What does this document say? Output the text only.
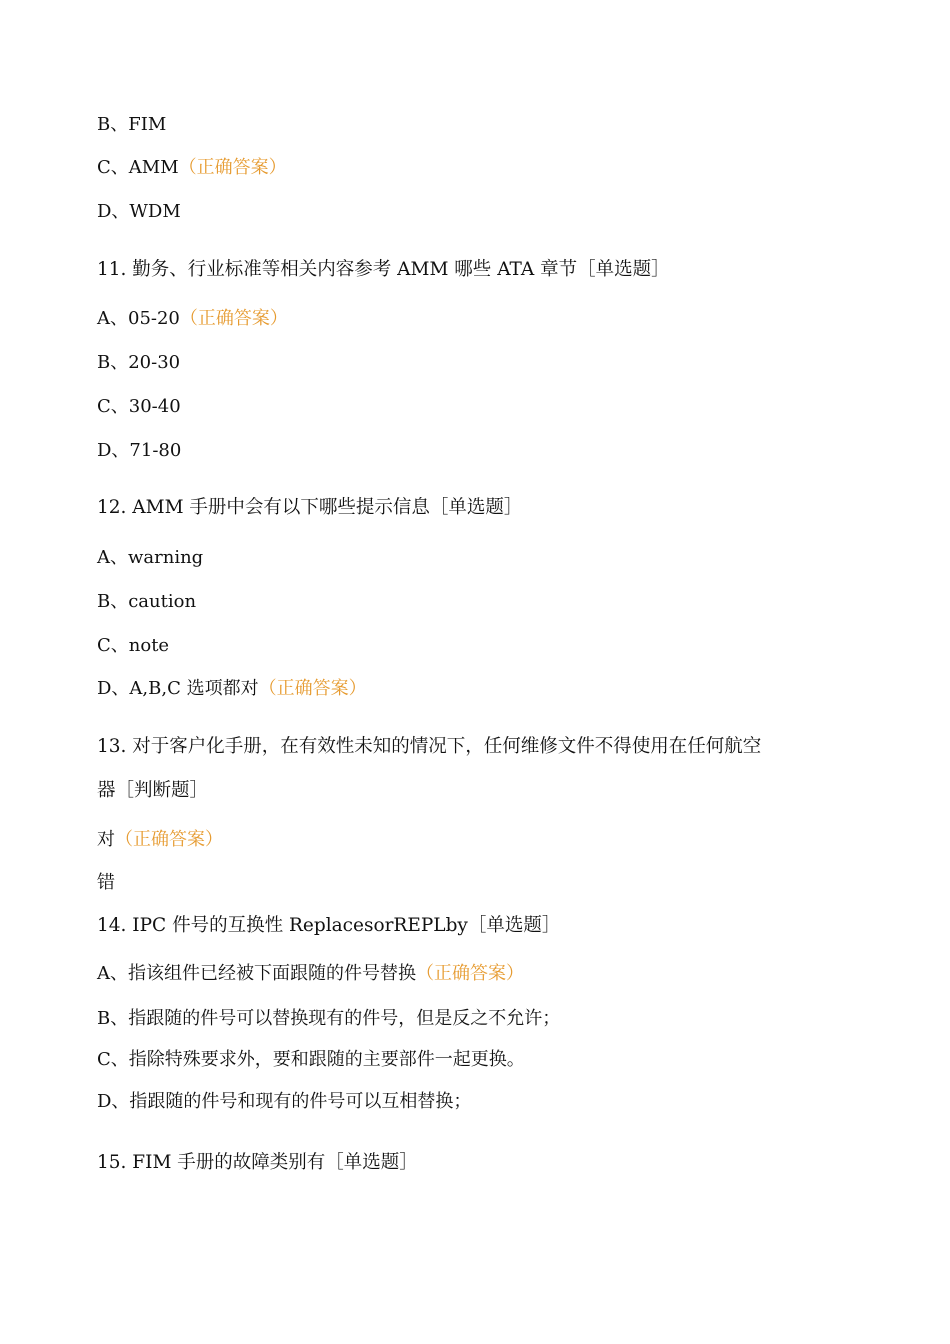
B、FIM
C、AMM（正确答案）
D、WDM
11. 勤务、行业标准等相关内容参考 AMM 哪些 ATA 章节［单选题］
A、05-20（正确答案）
B、20-30
C、30-40
D、71-80
12. AMM 手册中会有以下哪些提示信息［单选题］
A、warning
B、caution
C、note
D、A,B,C 选项都对（正确答案）
13. 对于客户化手册，在有效性未知的情况下，任何维修文件不得使用在任何航空
器［判断题］
对（正确答案）
错
14. IPC 件号的互换性 ReplacesorREPLby［单选题］
A、指该组件已经被下面跟随的件号替换（正确答案）
B、指跟随的件号可以替换现有的件号，但是反之不允许；
C、指除特殊要求外，要和跟随的主要部件一起更换。
D、指跟随的件号和现有的件号可以互相替换；
15. FIM 手册的故障类别有［单选题］
